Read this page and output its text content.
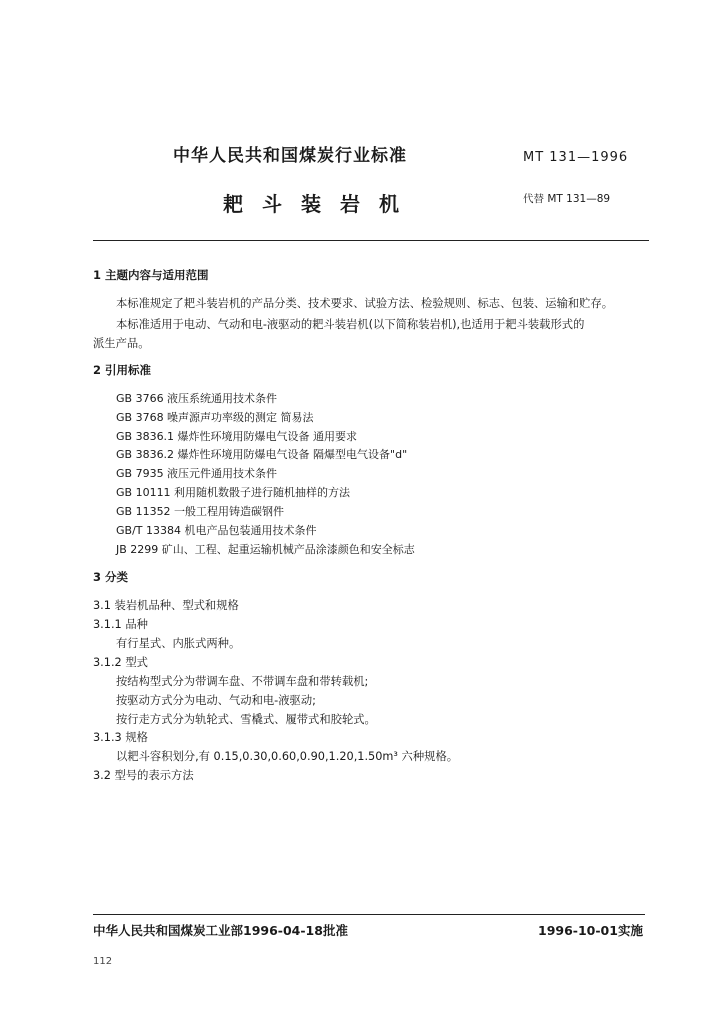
中华人民共和国煤炭行业标准	MT 131—1996
耙斗装岩机	代替 MT 131—89
1 主题内容与适用范围
本标准规定了耙斗装岩机的产品分类、技术要求、试验方法、检验规则、标志、包装、运输和贮存。
本标准适用于电动、气动和电-液驱动的耙斗装岩机(以下简称装岩机),也适用于耙斗装载形式的
派生产品。
2 引用标准
GB 3766 液压系统通用技术条件
GB 3768 噪声源声功率级的测定 简易法
GB 3836.1 爆炸性环境用防爆电气设备 通用要求
GB 3836.2 爆炸性环境用防爆电气设备 隔爆型电气设备"d"
GB 7935 液压元件通用技术条件
GB 10111 利用随机数骰子进行随机抽样的方法
GB 11352 一般工程用铸造碳钢件
GB/T 13384 机电产品包装通用技术条件
JB 2299 矿山、工程、起重运输机械产品涂漆颜色和安全标志
3 分类
3.1 装岩机品种、型式和规格
3.1.1 品种
有行星式、内胀式两种。
3.1.2 型式
按结构型式分为带调车盘、不带调车盘和带转载机;
按驱动方式分为电动、气动和电-液驱动;
按行走方式分为轨轮式、雪橇式、履带式和胶轮式。
3.1.3 规格
以耙斗容积划分,有 0.15,0.30,0.60,0.90,1.20,1.50m³ 六种规格。
3.2 型号的表示方法
中华人民共和国煤炭工业部1996-04-18批准	1996-10-01实施
112
